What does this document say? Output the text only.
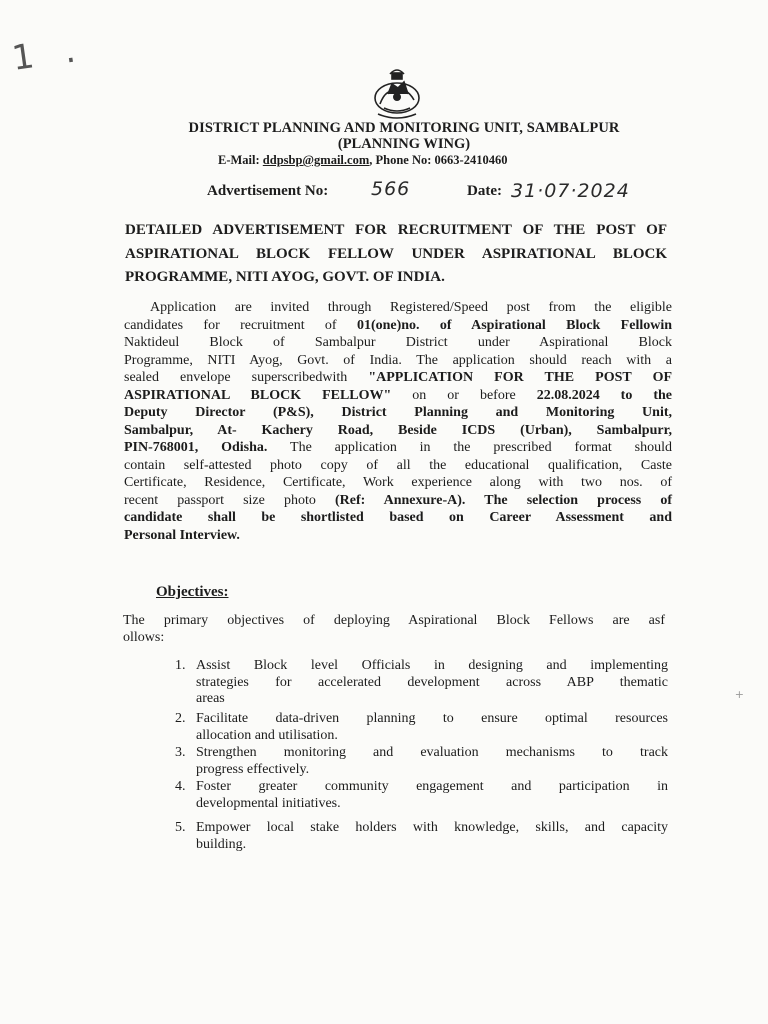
1 .
DISTRICT PLANNING AND MONITORING UNIT, SAMBALPUR
(PLANNING WING)
E-Mail: ddpsbp@gmail.com, Phone No: 0663-2410460
Advertisement No: 566	Date: 31·07·2024
DETAILED ADVERTISEMENT FOR RECRUITMENT OF THE POST OF
ASPIRATIONAL BLOCK FELLOW UNDER ASPIRATIONAL BLOCK
PROGRAMME, NITI AYOG, GOVT. OF INDIA.
Application are invited through Registered/Speed post from the eligible
candidates for recruitment of 01(one)no. of Aspirational Block Fellowin
Naktideul Block of Sambalpur District under Aspirational Block
Programme, NITI Ayog, Govt. of India. The application should reach with a
sealed envelope superscribedwith "APPLICATION FOR THE POST OF
ASPIRATIONAL BLOCK FELLOW" on or before 22.08.2024 to the
Deputy Director (P&S), District Planning and Monitoring Unit,
Sambalpur, At- Kachery Road, Beside ICDS (Urban), Sambalpurr,
PIN-768001, Odisha. The application in the prescribed format should
contain self-attested photo copy of all the educational qualification, Caste
Certificate, Residence, Certificate, Work experience along with two nos. of
recent passport size photo (Ref: Annexure-A). The selection process of
candidate shall be shortlisted based on Career Assessment and
Personal Interview.
Objectives:
The primary objectives of deploying Aspirational Block Fellows are asf
ollows:
1. Assist Block level Officials in designing and implementing
strategies for accelerated development across ABP thematic
areas
2. Facilitate data-driven planning to ensure optimal resources
allocation and utilisation.
3. Strengthen monitoring and evaluation mechanisms to track
progress effectively.
4. Foster greater community engagement and participation in
developmental initiatives.
5. Empower local stake holders with knowledge, skills, and capacity
building.
+
